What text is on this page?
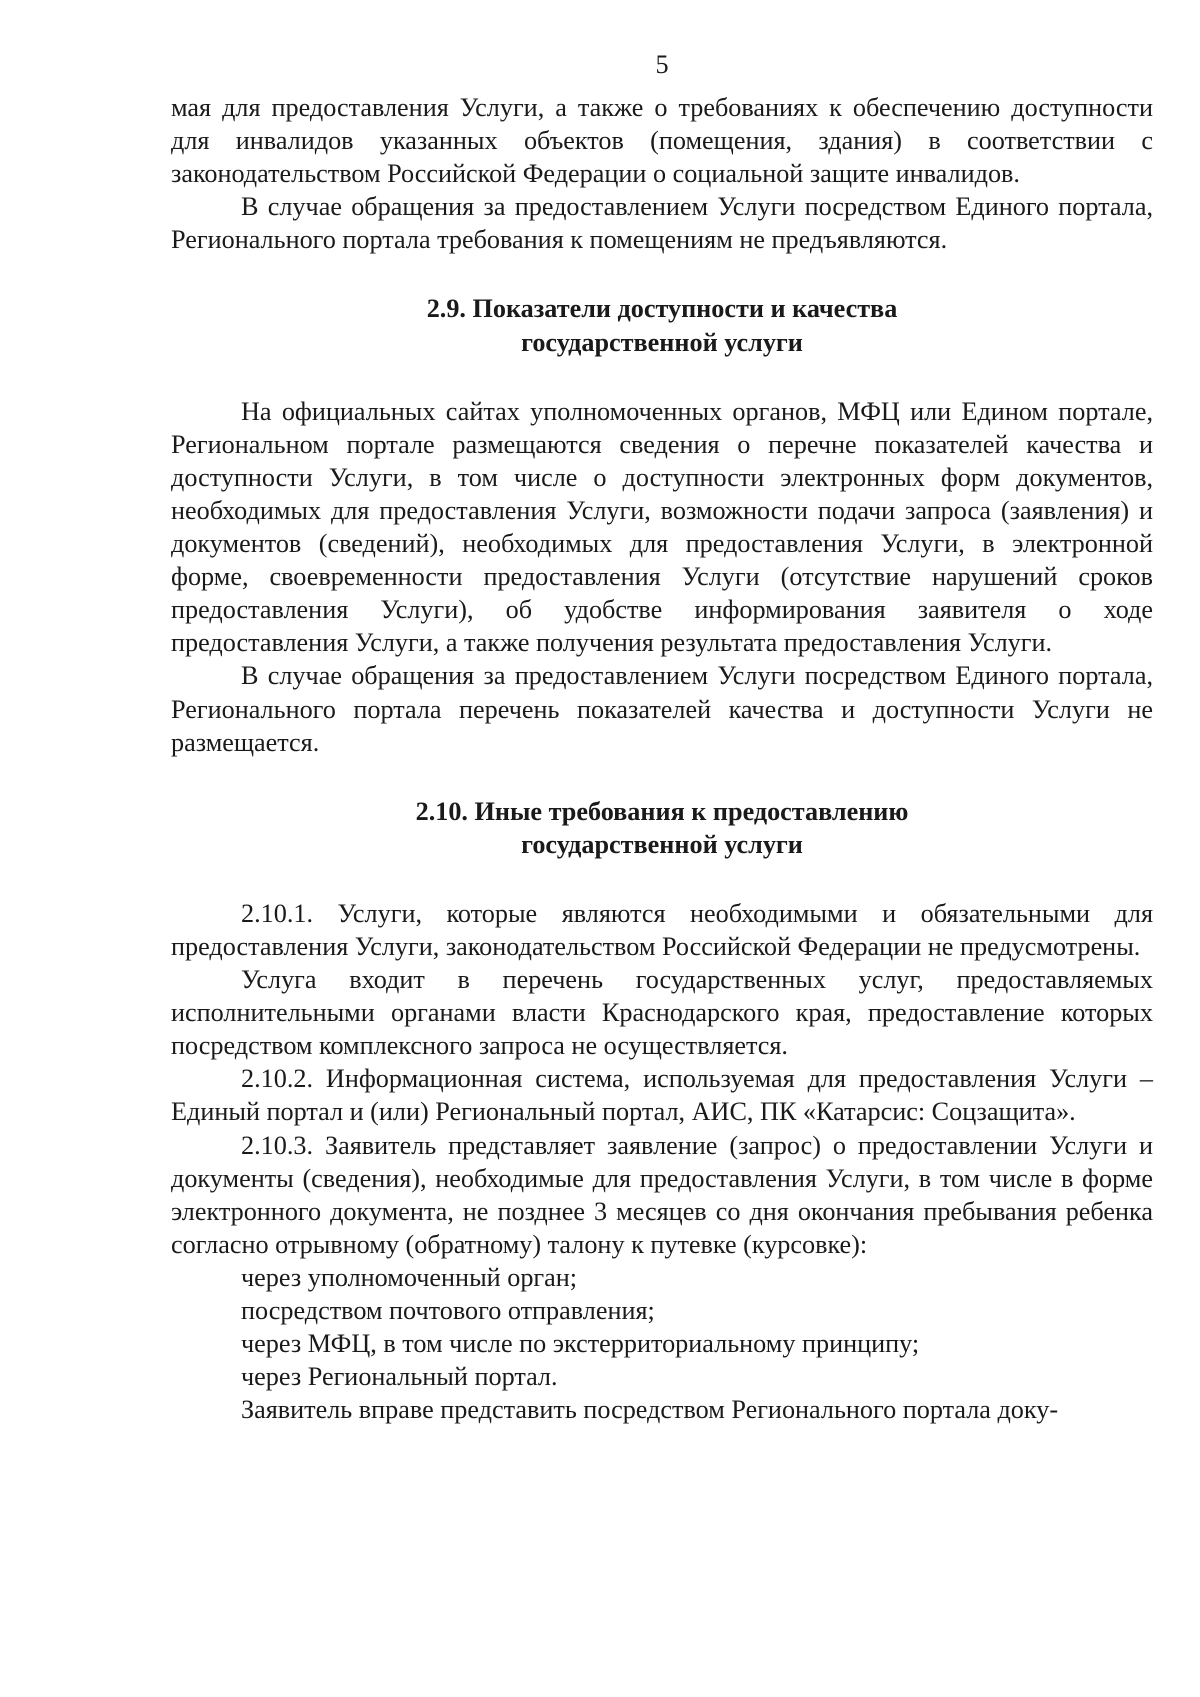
5

мая для предоставления Услуги, а также о требованиях к обеспечению доступности для инвалидов указанных объектов (помещения, здания) в соответствии с законодательством Российской Федерации о социальной защите инвалидов.

В случае обращения за предоставлением Услуги посредством Единого портала, Регионального портала требования к помещениям не предъявляются.

2.9. Показатели доступности и качества
государственной услуги

На официальных сайтах уполномоченных органов, МФЦ или Едином портале, Региональном портале размещаются сведения о перечне показателей качества и доступности Услуги, в том числе о доступности электронных форм документов, необходимых для предоставления Услуги, возможности подачи запроса (заявления) и документов (сведений), необходимых для предоставления Услуги, в электронной форме, своевременности предоставления Услуги (отсутствие нарушений сроков предоставления Услуги), об удобстве информирования заявителя о ходе предоставления Услуги, а также получения результата предоставления Услуги.

В случае обращения за предоставлением Услуги посредством Единого портала, Регионального портала перечень показателей качества и доступности Услуги не размещается.

2.10. Иные требования к предоставлению
государственной услуги

2.10.1. Услуги, которые являются необходимыми и обязательными для предоставления Услуги, законодательством Российской Федерации не предусмотрены.

Услуга входит в перечень государственных услуг, предоставляемых исполнительными органами власти Краснодарского края, предоставление которых посредством комплексного запроса не осуществляется.

2.10.2. Информационная система, используемая для предоставления Услуги – Единый портал и (или) Региональный портал, АИС, ПК «Катарсис: Соцзащита».

2.10.3. Заявитель представляет заявление (запрос) о предоставлении Услуги и документы (сведения), необходимые для предоставления Услуги, в том числе в форме электронного документа, не позднее 3 месяцев со дня окончания пребывания ребенка согласно отрывному (обратному) талону к путевке (курсовке):

через уполномоченный орган;

посредством почтового отправления;

через МФЦ, в том числе по экстерриториальному принципу;

через Региональный портал.

Заявитель вправе представить посредством Регионального портала доку-
